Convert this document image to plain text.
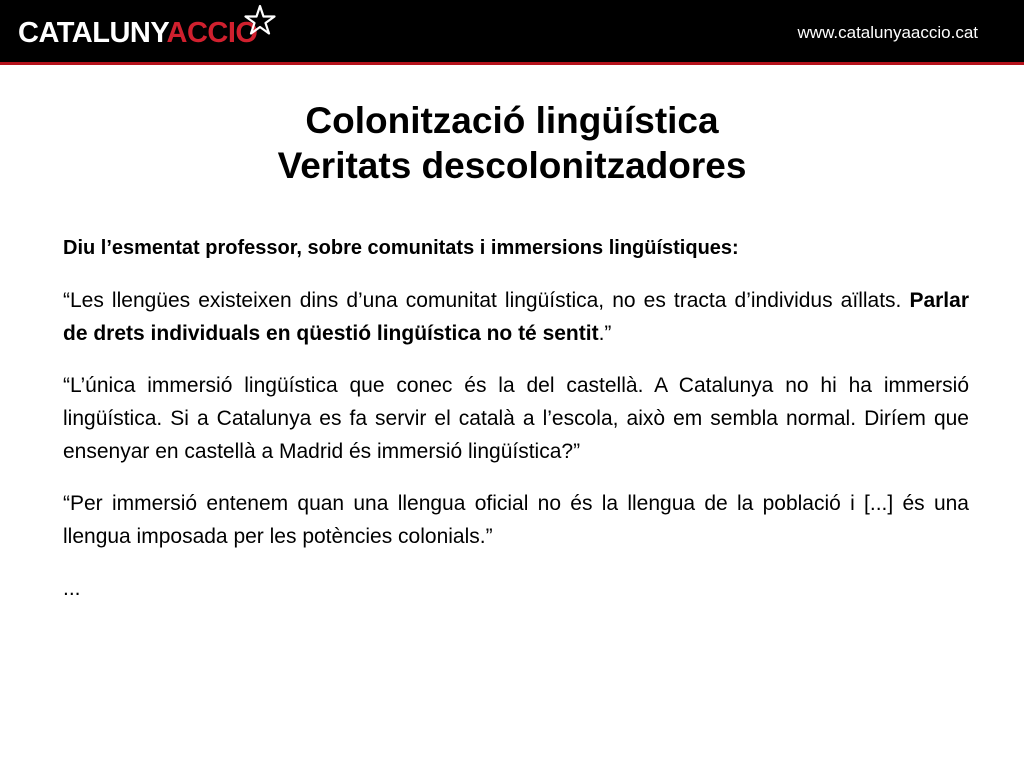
CATALUNYACCIO	www.catalunyaaccio.cat
Colonització lingüística
Veritats descolonitzadores

Diu l’esmentat professor, sobre comunitats i immersions lingüístiques:

“Les llengües existeixen dins d’una comunitat lingüística, no es tracta d’individus aïllats. Parlar de drets individuals en qüestió lingüística no té sentit.”

“L’única immersió lingüística que conec és la del castellà. A Catalunya no hi ha immersió lingüística. Si a Catalunya es fa servir el català a l’escola, això em sembla normal. Diríem que ensenyar en castellà a Madrid és immersió lingüística?”

“Per immersió entenem quan una llengua oficial no és la llengua de la població i [...] és una llengua imposada per les potències colonials.”

...
